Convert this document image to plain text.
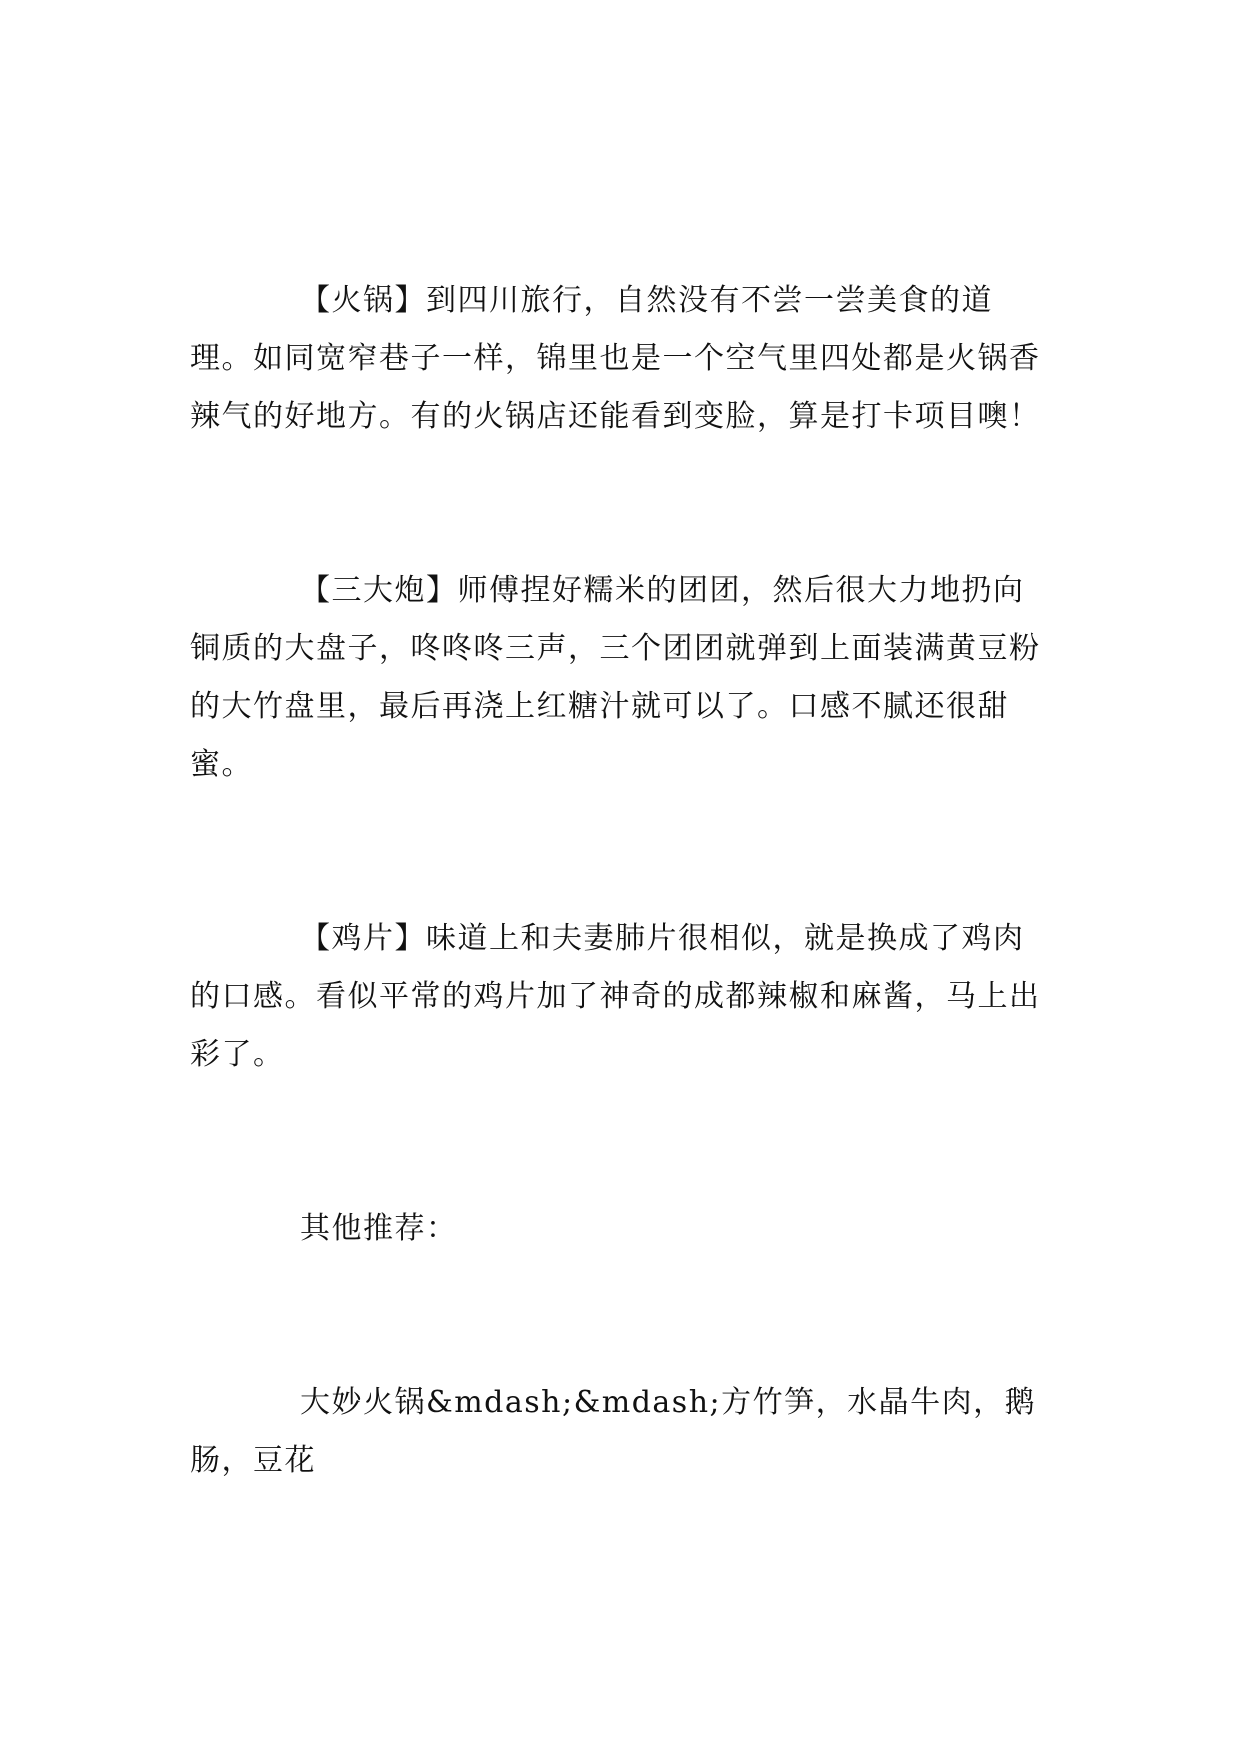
【火锅】到四川旅行，自然没有不尝一尝美食的道理。如同宽窄巷子一样，锦里也是一个空气里四处都是火锅香辣气的好地方。有的火锅店还能看到变脸，算是打卡项目噢！

【三大炮】师傅捏好糯米的团团，然后很大力地扔向铜质的大盘子，咚咚咚三声，三个团团就弹到上面装满黄豆粉的大竹盘里，最后再浇上红糖汁就可以了。口感不腻还很甜蜜。

【鸡片】味道上和夫妻肺片很相似，就是换成了鸡肉的口感。看似平常的鸡片加了神奇的成都辣椒和麻酱，马上出彩了。

其他推荐：

大妙火锅&mdash;&mdash;方竹笋，水晶牛肉，鹅肠，豆花
